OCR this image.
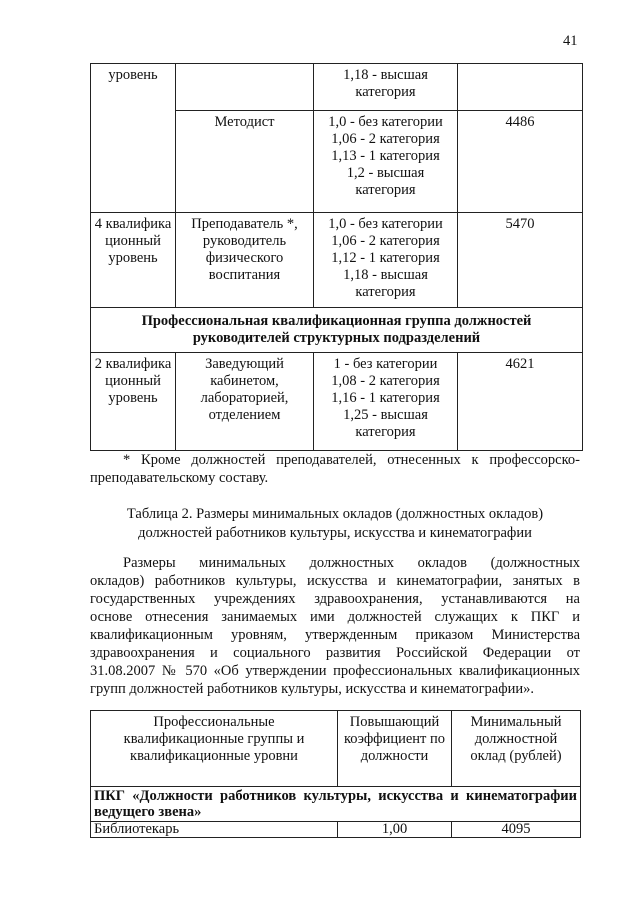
41
уровень		1,18 - высшая
категория	
	Методист	1,0 - без категории
1,06 - 2 категория
1,13 - 1 категория
1,2 - высшая
категория	4486
4 квалифика ционный уровень	Преподаватель *, руководитель физического воспитания	1,0 - без категории
1,06 - 2 категория
1,12 - 1 категория
1,18 - высшая
категория	5470
Профессиональная квалификационная группа должностей руководителей структурных подразделений			
2 квалифика ционный уровень	Заведующий кабинетом, лабораторией, отделением	1 - без категории
1,08 - 2 категория
1,16 - 1 категория
1,25 - высшая
категория	4621
* Кроме должностей преподавателей, отнесенных к профессорско-
преподавательскому составу.
Таблица 2. Размеры минимальных окладов (должностных окладов)
должностей работников культуры, искусства и кинематографии
Размеры минимальных должностных окладов (должностных
окладов) работников культуры, искусства и кинематографии, занятых в
государственных учреждениях здравоохранения, устанавливаются на
основе отнесения занимаемых ими должностей служащих к ПКГ и
квалификационным уровням, утвержденным приказом Министерства
здравоохранения и социального развития Российской Федерации от
31.08.2007 № 570 «Об утверждении профессиональных квалификационных
групп должностей работников культуры, искусства и кинематографии».
Профессиональные квалификационные группы и квалификационные уровни	Повышающий коэффициент по должности	Минимальный должностной оклад (рублей)
ПКГ «Должности работников культуры, искусства и кинематографии ведущего звена»		
Библиотекарь	1,00	4095
